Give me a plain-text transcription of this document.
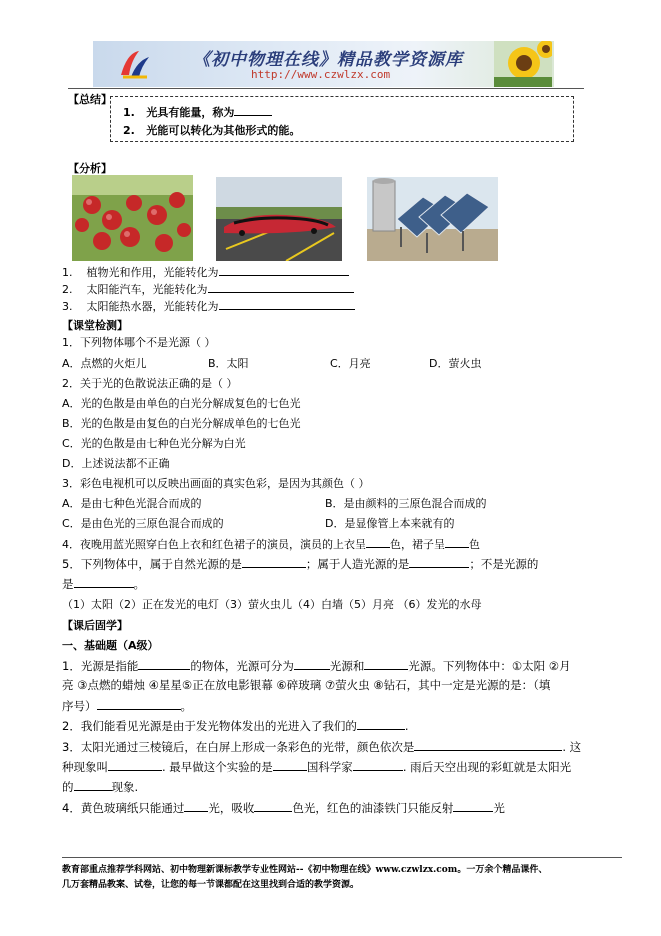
《初中物理在线》精品教学资源库
http://www.czwlzx.com
【总结】
1. 光具有能量，称为
2. 光能可以转化为其他形式的能。
【分析】
1. 植物光和作用，光能转化为
2. 太阳能汽车，光能转化为
3. 太阳能热水器，光能转化为
【课堂检测】
1．下列物体哪个不是光源（ ）
A．点燃的火炬儿	B．太阳	C．月亮	D．萤火虫
2．关于光的色散说法正确的是（ ）
A．光的色散是由单色的白光分解成复色的七色光
B．光的色散是由复色的白光分解成单色的七色光
C．光的色散是由七种色光分解为白光
D．上述说法都不正确
3．彩色电视机可以反映出画面的真实色彩，是因为其颜色（ ）
A．是由七种色光混合而成的	B．是由颜料的三原色混合而成的
C．是由色光的三原色混合而成的	D．是显像管上本来就有的
4．夜晚用蓝光照穿白色上衣和红色裙子的演员，演员的上衣呈 色，裙子呈 色
5．下列物体中，属于自然光源的是	；属于人造光源的是	；不是光源的
是	。
（1）太阳（2）正在发光的电灯（3）萤火虫儿（4）白墙（5）月亮 （6）发光的水母
【课后固学】
一、基础题（A级）
1．光源是指能	的物体，光源可分为	光源和	光源。下列物体中：①太阳 ②月
亮 ③点燃的蜡烛 ④星星⑤正在放电影银幕 ⑥碎玻璃 ⑦萤火虫 ⑧钻石，其中一定是光源的是：（填
序号）	。
2．我们能看见光源是由于发光物体发出的光进入了我们的	.
3．太阳光通过三棱镜后，在白屏上形成一条彩色的光带，颜色依次是	. 这
种现象叫	. 最早做这个实验的是	国科学家	. 雨后天空出现的彩虹就是太阳光
的	现象.
4．黄色玻璃纸只能通过 光，吸收	色光，红色的油漆铁门只能反射	光
教育部重点推荐学科网站、初中物理新课标教学专业性网站--《初中物理在线》www.czwlzx.com。一万余个精品课件、
几万套精品教案、试卷，让您的每一节课都配在这里找到合适的教学资源。
